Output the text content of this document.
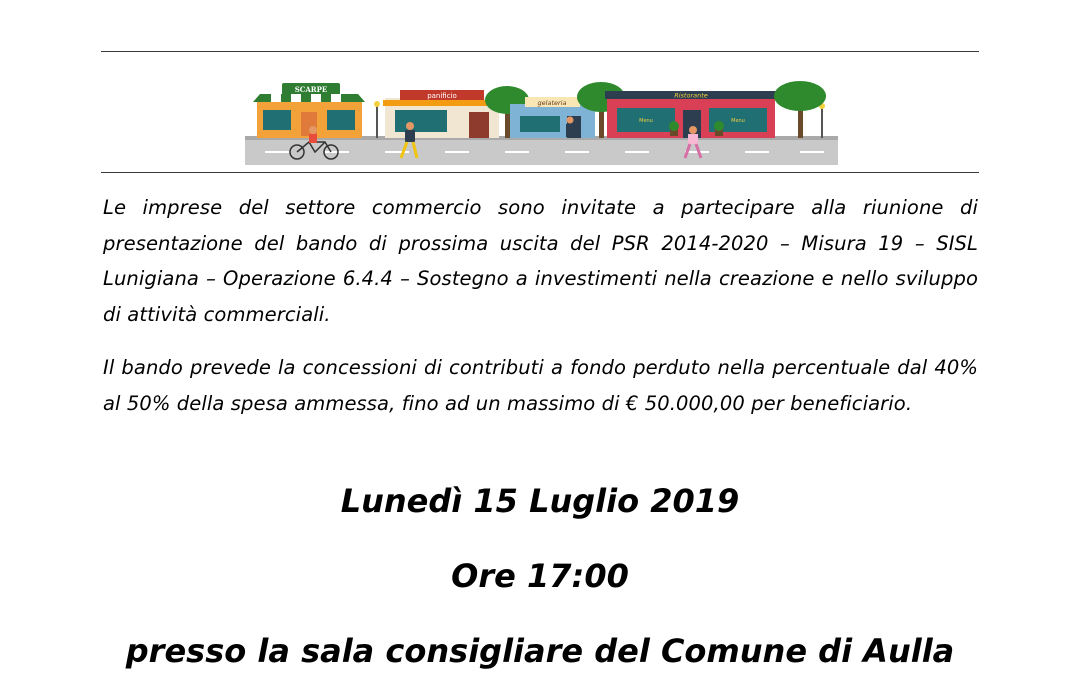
SCARPE
panificio
gelateria
Ristorante
Menu	Menu

Le imprese del settore commercio sono invitate a partecipare alla riunione di presentazione del bando di prossima uscita del PSR 2014-2020 – Misura 19 – SISL Lunigiana – Operazione 6.4.4 – Sostegno a investimenti nella creazione e nello sviluppo di attività commerciali.

Il bando prevede la concessioni di contributi a fondo perduto nella percentuale dal 40% al 50% della spesa ammessa, fino ad un massimo di € 50.000,00 per beneficiario.

Lunedì 15 Luglio 2019

Ore 17:00

presso la sala consigliare del Comune di Aulla
